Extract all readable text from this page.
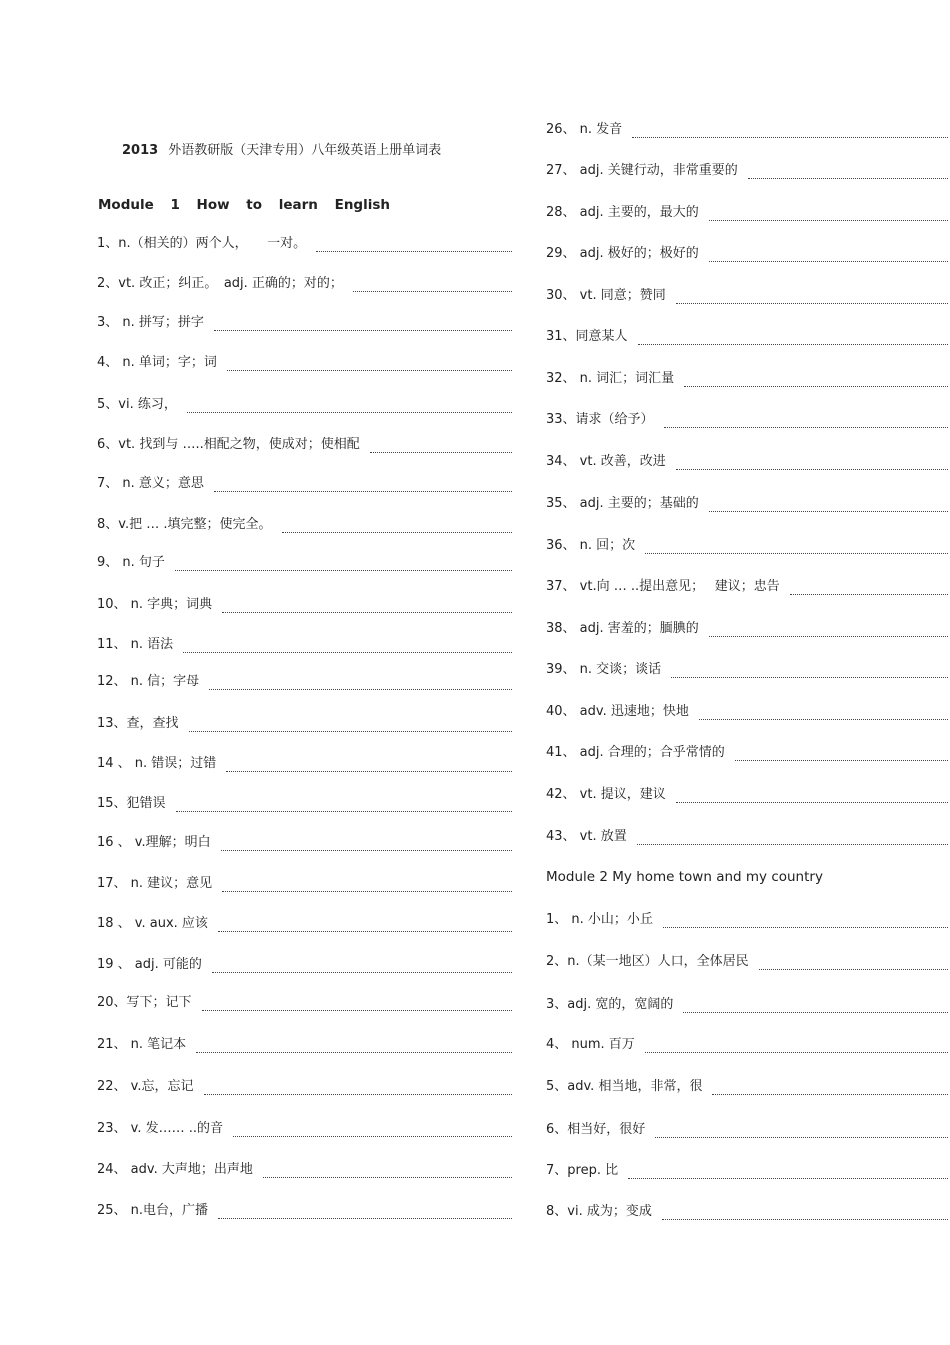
2013 外语教研版（天津专用）八年级英语上册单词表
Module 1 How to learn English
1、n.（相关的）两个人，　　一对。
2、vt. 改正；纠正。　adj. 正确的；对的；
3、 n. 拼写；拼字
4、 n. 单词；字；词
5、vi. 练习，
6、vt. 找到与 …..相配之物，使成对；使相配
7、 n. 意义；意思
8、v.把 … .填完整；使完全。
9、 n. 句子
10、 n. 字典；词典
11、 n. 语法
12、 n. 信；字母
13、查，查找
14 、 n. 错误；过错
15、犯错误
16 、 v.理解；明白
17、 n. 建议；意见
18 、 v. aux. 应该
19 、 adj. 可能的
20、写下；记下
21、 n. 笔记本
22、 v.忘，忘记
23、 v. 发…… ..的音
24、 adv. 大声地；出声地
25、 n.电台，广播
26、 n. 发音
27、 adj. 关键行动，非常重要的
28、 adj. 主要的，最大的
29、 adj. 极好的；极好的
30、 vt. 同意；赞同
31、同意某人
32、 n. 词汇；词汇量
33、请求（给予）
34、 vt. 改善，改进
35、 adj. 主要的；基础的
36、 n. 回；次
37、 vt.向 … ..提出意见；　 建议；忠告
38、 adj. 害羞的；腼腆的
39、 n. 交谈；谈话
40、 adv. 迅速地；快地
41、 adj. 合理的；合乎常情的
42、 vt. 提议，建议
43、 vt. 放置
Module 2 My home town and my country
1、 n. 小山；小丘
2、n.（某一地区）人口，全体居民
3、adj. 宽的，宽阔的
4、 num. 百万
5、adv. 相当地，非常，很
6、相当好，很好
7、prep. 比
8、vi. 成为；变成
